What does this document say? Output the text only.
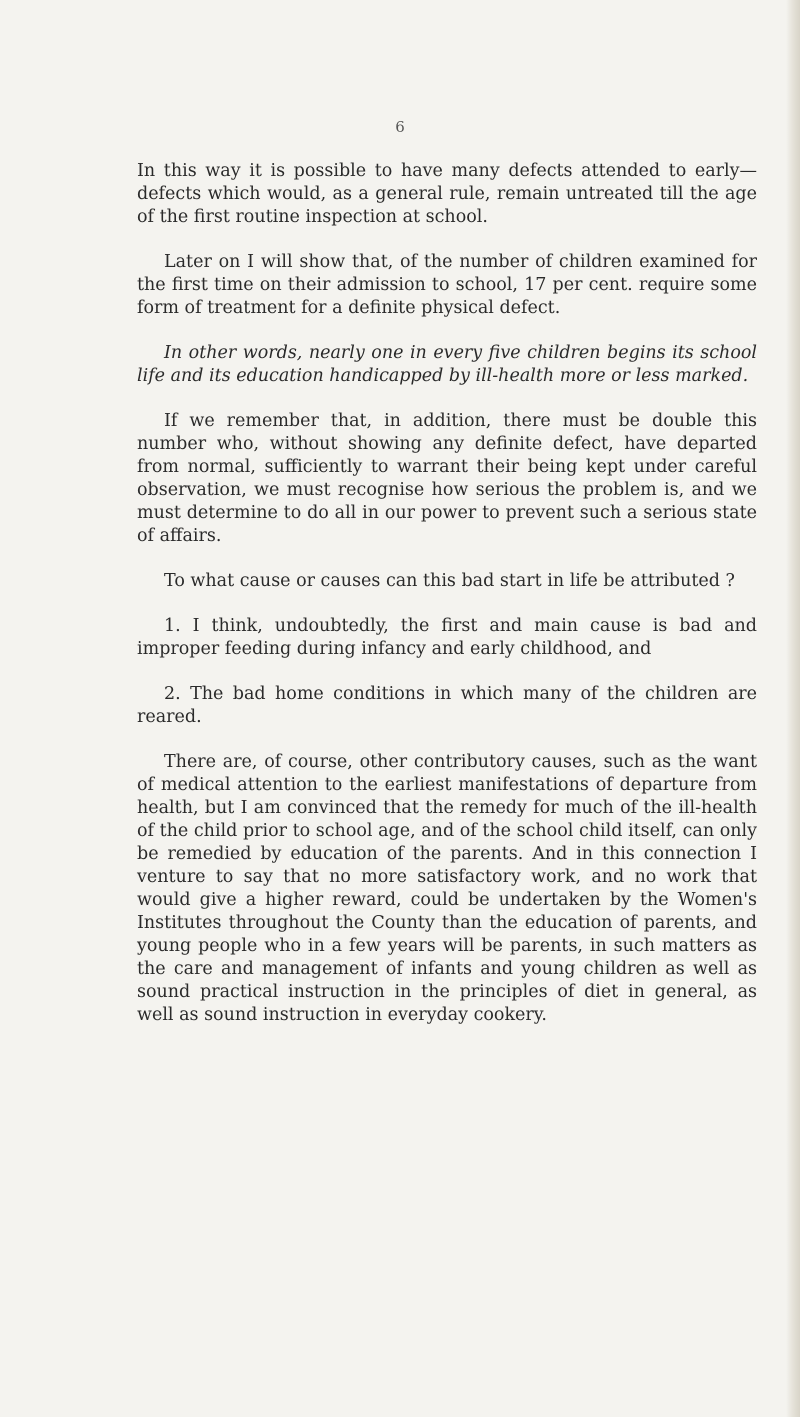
6

In this way it is possible to have many defects attended to early—defects which would, as a general rule, remain untreated till the age of the first routine inspection at school.

Later on I will show that, of the number of children examined for the first time on their admission to school, 17 per cent. require some form of treatment for a definite physical defect.

In other words, nearly one in every five children begins its school life and its education handicapped by ill-health more or less marked.

If we remember that, in addition, there must be double this number who, without showing any definite defect, have departed from normal, sufficiently to warrant their being kept under careful observation, we must recognise how serious the problem is, and we must determine to do all in our power to prevent such a serious state of affairs.

To what cause or causes can this bad start in life be attributed ?

1. I think, undoubtedly, the first and main cause is bad and improper feeding during infancy and early childhood, and

2. The bad home conditions in which many of the children are reared.

There are, of course, other contributory causes, such as the want of medical attention to the earliest manifestations of departure from health, but I am convinced that the remedy for much of the ill-health of the child prior to school age, and of the school child itself, can only be remedied by education of the parents. And in this connection I venture to say that no more satisfactory work, and no work that would give a higher reward, could be undertaken by the Women's Institutes throughout the County than the education of parents, and young people who in a few years will be parents, in such matters as the care and management of infants and young children as well as sound practical instruction in the principles of diet in general, as well as sound instruction in everyday cookery.
